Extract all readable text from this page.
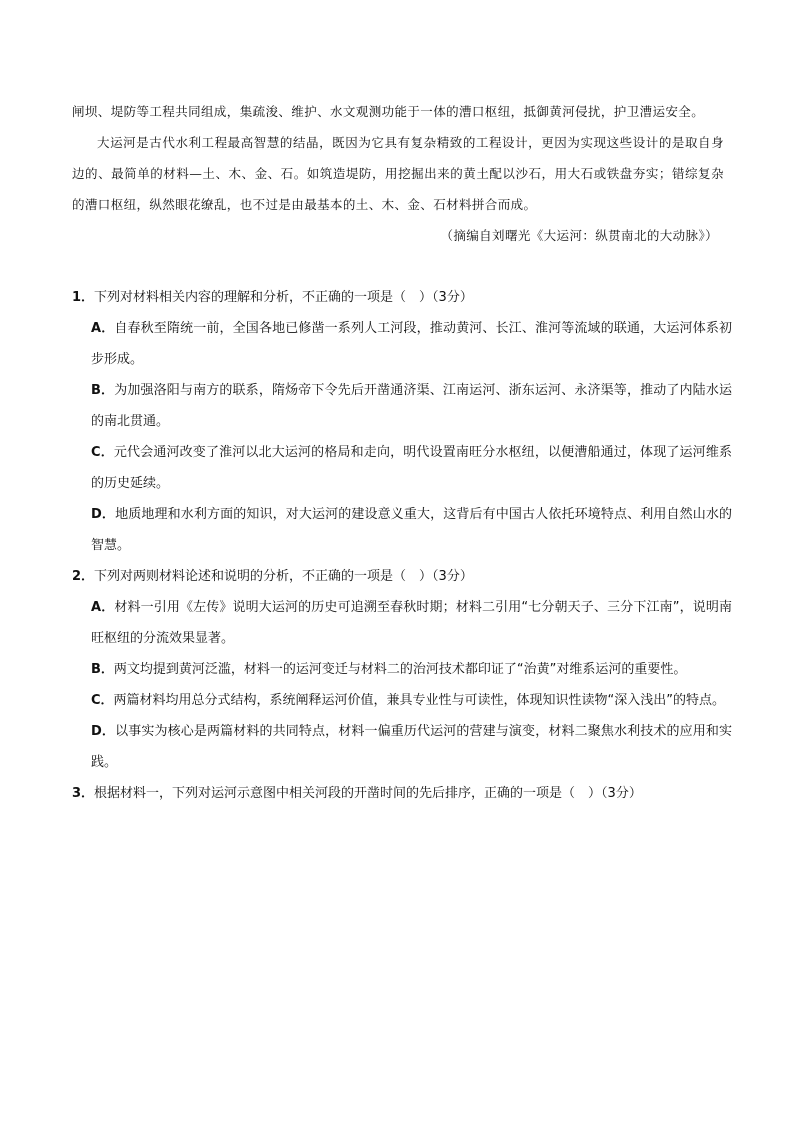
闸坝、堤防等工程共同组成，集疏浚、维护、水文观测功能于一体的漕口枢纽，抵御黄河侵扰，护卫漕运安全。

大运河是古代水利工程最高智慧的结晶，既因为它具有复杂精致的工程设计，更因为实现这些设计的是取自身边的、最简单的材料—土、木、金、石。如筑造堤防，用挖掘出来的黄土配以沙石，用大石或铁盘夯实；错综复杂的漕口枢纽，纵然眼花缭乱，也不过是由最基本的土、木、金、石材料拼合而成。

（摘编自刘曙光《大运河：纵贯南北的大动脉》）

1．下列对材料相关内容的理解和分析，不正确的一项是（　）（3分）

A．自春秋至隋统一前，全国各地已修凿一系列人工河段，推动黄河、长江、淮河等流域的联通，大运河体系初步形成。

B．为加强洛阳与南方的联系，隋炀帝下令先后开凿通济渠、江南运河、浙东运河、永济渠等，推动了内陆水运的南北贯通。

C．元代会通河改变了淮河以北大运河的格局和走向，明代设置南旺分水枢纽，以便漕船通过，体现了运河维系的历史延续。

D．地质地理和水利方面的知识，对大运河的建设意义重大，这背后有中国古人依托环境特点、利用自然山水的智慧。

2．下列对两则材料论述和说明的分析，不正确的一项是（　）（3分）

A．材料一引用《左传》说明大运河的历史可追溯至春秋时期；材料二引用“七分朝天子、三分下江南”，说明南旺枢纽的分流效果显著。

B．两文均提到黄河泛滥，材料一的运河变迁与材料二的治河技术都印证了“治黄”对维系运河的重要性。

C．两篇材料均用总分式结构，系统阐释运河价值，兼具专业性与可读性，体现知识性读物“深入浅出”的特点。

D．以事实为核心是两篇材料的共同特点，材料一偏重历代运河的营建与演变，材料二聚焦水利技术的应用和实践。

3．根据材料一，下列对运河示意图中相关河段的开凿时间的先后排序，正确的一项是（　）（3分）
